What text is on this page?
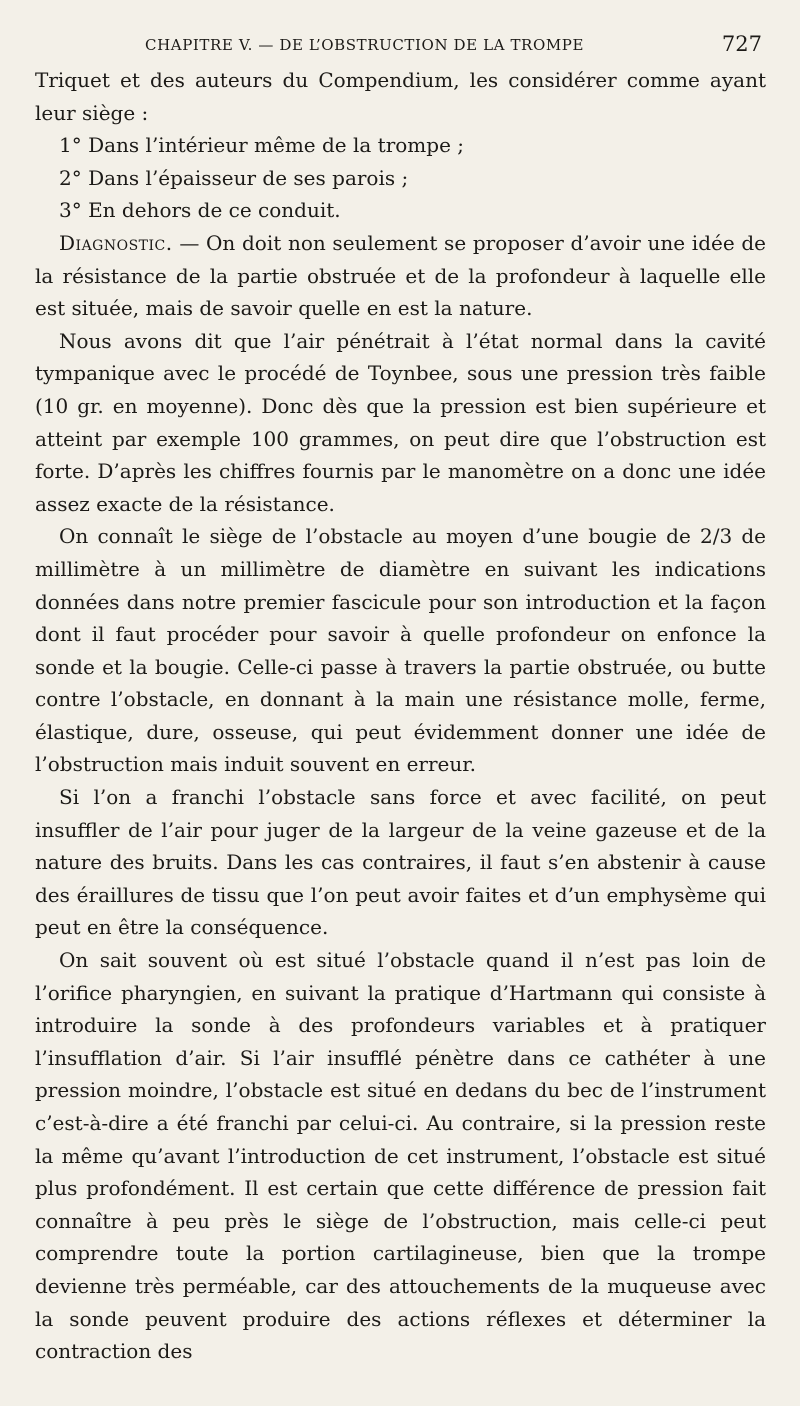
CHAPITRE V. — DE L’OBSTRUCTION DE LA TROMPE	727

Triquet et des auteurs du Compendium, les considérer comme ayant leur siège :

1° Dans l’intérieur même de la trompe ;

2° Dans l’épaisseur de ses parois ;

3° En dehors de ce conduit.

Diagnostic. — On doit non seulement se proposer d’avoir une idée de la résistance de la partie obstruée et de la profondeur à laquelle elle est située, mais de savoir quelle en est la nature.

Nous avons dit que l’air pénétrait à l’état normal dans la cavité tympanique avec le procédé de Toynbee, sous une pression très faible (10 gr. en moyenne). Donc dès que la pression est bien supérieure et atteint par exemple 100 grammes, on peut dire que l’obstruction est forte. D’après les chiffres fournis par le manomètre on a donc une idée assez exacte de la résistance.

On connaît le siège de l’obstacle au moyen d’une bougie de 2/3 de millimètre à un millimètre de diamètre en suivant les indications données dans notre premier fascicule pour son introduction et la façon dont il faut procéder pour savoir à quelle profondeur on enfonce la sonde et la bougie. Celle-ci passe à travers la partie obstruée, ou butte contre l’obstacle, en donnant à la main une résistance molle, ferme, élastique, dure, osseuse, qui peut évidemment donner une idée de l’obstruction mais induit souvent en erreur.

Si l’on a franchi l’obstacle sans force et avec facilité, on peut insuffler de l’air pour juger de la largeur de la veine gazeuse et de la nature des bruits. Dans les cas contraires, il faut s’en abstenir à cause des éraillures de tissu que l’on peut avoir faites et d’un emphysème qui peut en être la conséquence.

On sait souvent où est situé l’obstacle quand il n’est pas loin de l’orifice pharyngien, en suivant la pratique d’Hartmann qui consiste à introduire la sonde à des profondeurs variables et à pratiquer l’insufflation d’air. Si l’air insufflé pénètre dans ce cathéter à une pression moindre, l’obstacle est situé en dedans du bec de l’instrument c’est-à-dire a été franchi par celui-ci. Au contraire, si la pression reste la même qu’avant l’introduction de cet instrument, l’obstacle est situé plus profondément. Il est certain que cette différence de pression fait connaître à peu près le siège de l’obstruction, mais celle-ci peut comprendre toute la portion cartilagineuse, bien que la trompe devienne très perméable, car des attouchements de la muqueuse avec la sonde peuvent produire des actions réflexes et déterminer la contraction des
